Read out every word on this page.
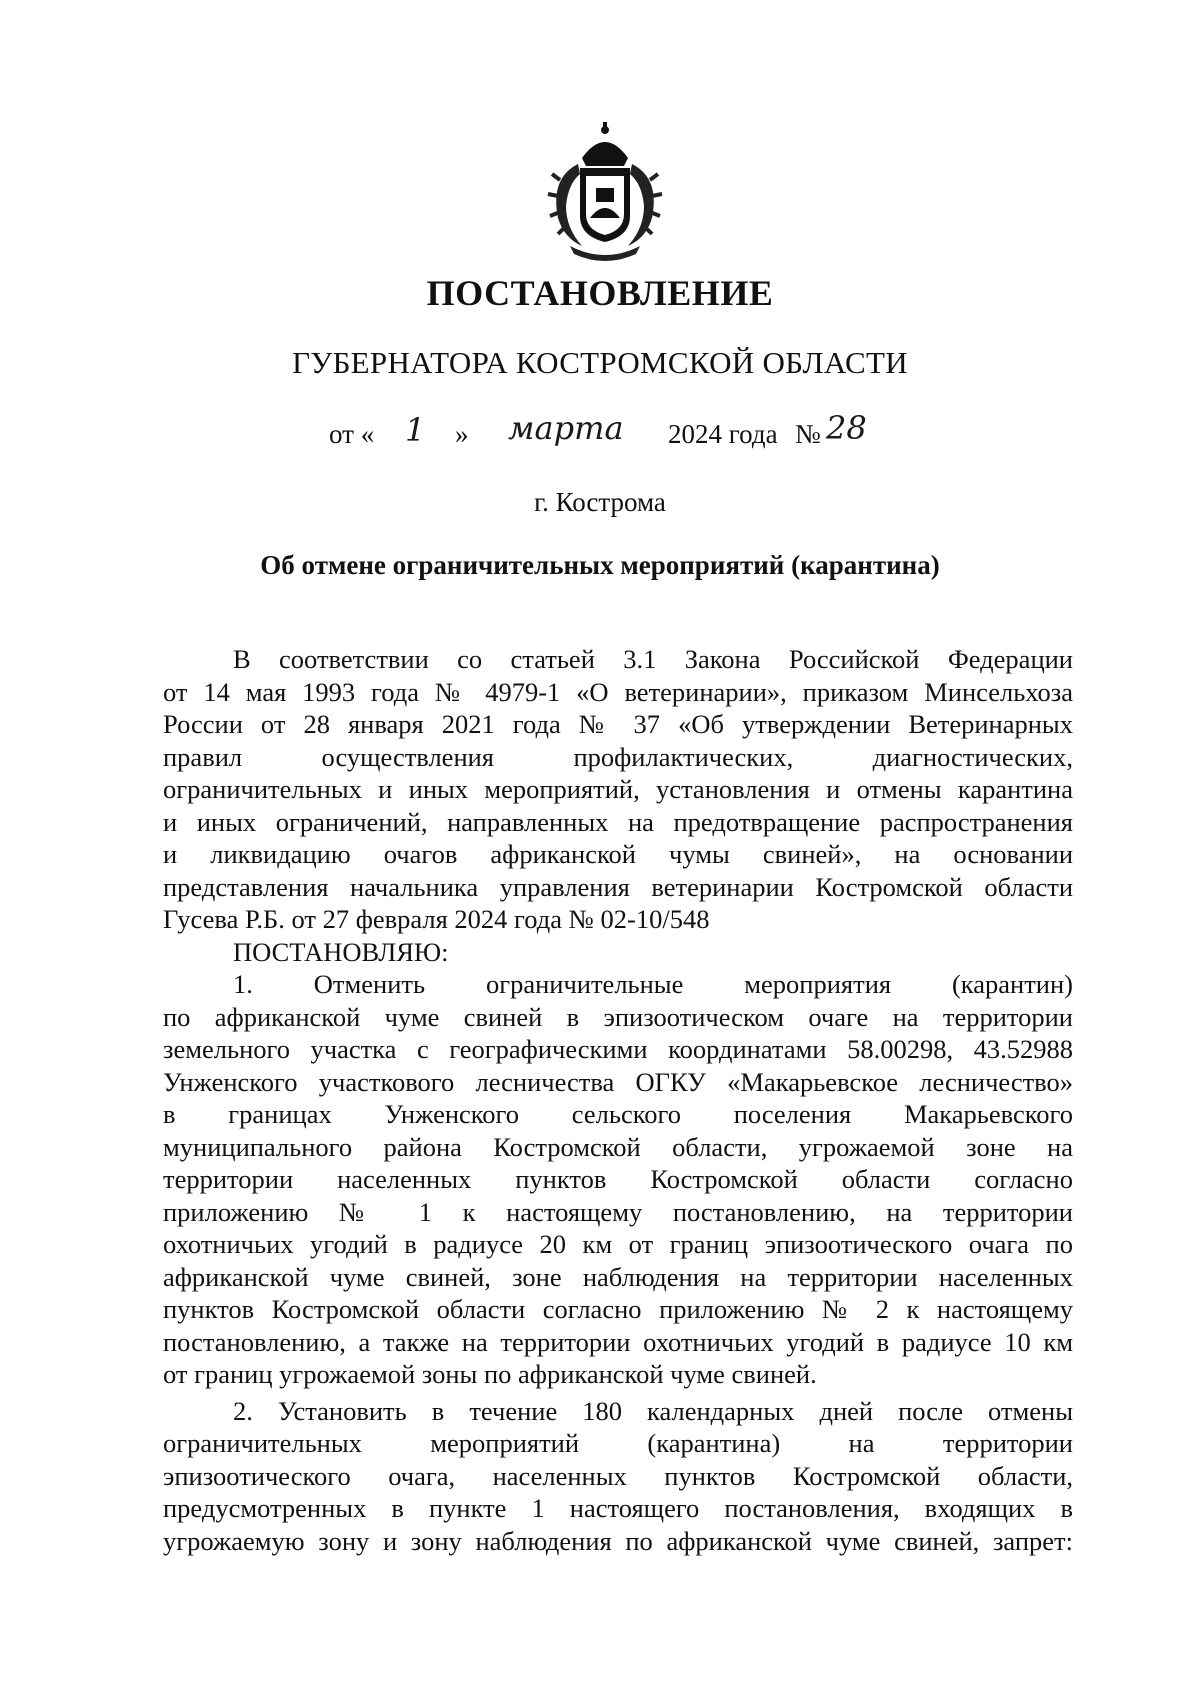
ПОСТАНОВЛЕНИЕ
ГУБЕРНАТОРА КОСТРОМСКОЙ ОБЛАСТИ
от « 1 » марта 2024 года № 28
г. Кострома
Об отмене ограничительных мероприятий (карантина)

В соответствии со статьей 3.1 Закона Российской Федерации

от 14 мая 1993 года № 4979-1 «О ветеринарии», приказом Минсельхоза

России от 28 января 2021 года № 37 «Об утверждении Ветеринарных

правил осуществления профилактических, диагностических,

ограничительных и иных мероприятий, установления и отмены карантина

и иных ограничений, направленных на предотвращение распространения

и ликвидацию очагов африканской чумы свиней», на основании

представления начальника управления ветеринарии Костромской области

Гусева Р.Б. от 27 февраля 2024 года № 02-10/548

ПОСТАНОВЛЯЮ:

1. Отменить ограничительные мероприятия (карантин)

по африканской чуме свиней в эпизоотическом очаге на территории

земельного участка с географическими координатами 58.00298, 43.52988

Унженского участкового лесничества ОГКУ «Макарьевское лесничество»

в границах Унженского сельского поселения Макарьевского

муниципального района Костромской области, угрожаемой зоне на

территории населенных пунктов Костромской области согласно

приложению № 1 к настоящему постановлению, на территории

охотничьих угодий в радиусе 20 км от границ эпизоотического очага по

африканской чуме свиней, зоне наблюдения на территории населенных

пунктов Костромской области согласно приложению № 2 к настоящему

постановлению, а также на территории охотничьих угодий в радиусе 10 км

от границ угрожаемой зоны по африканской чуме свиней.

2. Установить в течение 180 календарных дней после отмены

ограничительных мероприятий (карантина) на территории

эпизоотического очага, населенных пунктов Костромской области,

предусмотренных в пункте 1 настоящего постановления, входящих в

угрожаемую зону и зону наблюдения по африканской чуме свиней, запрет:
